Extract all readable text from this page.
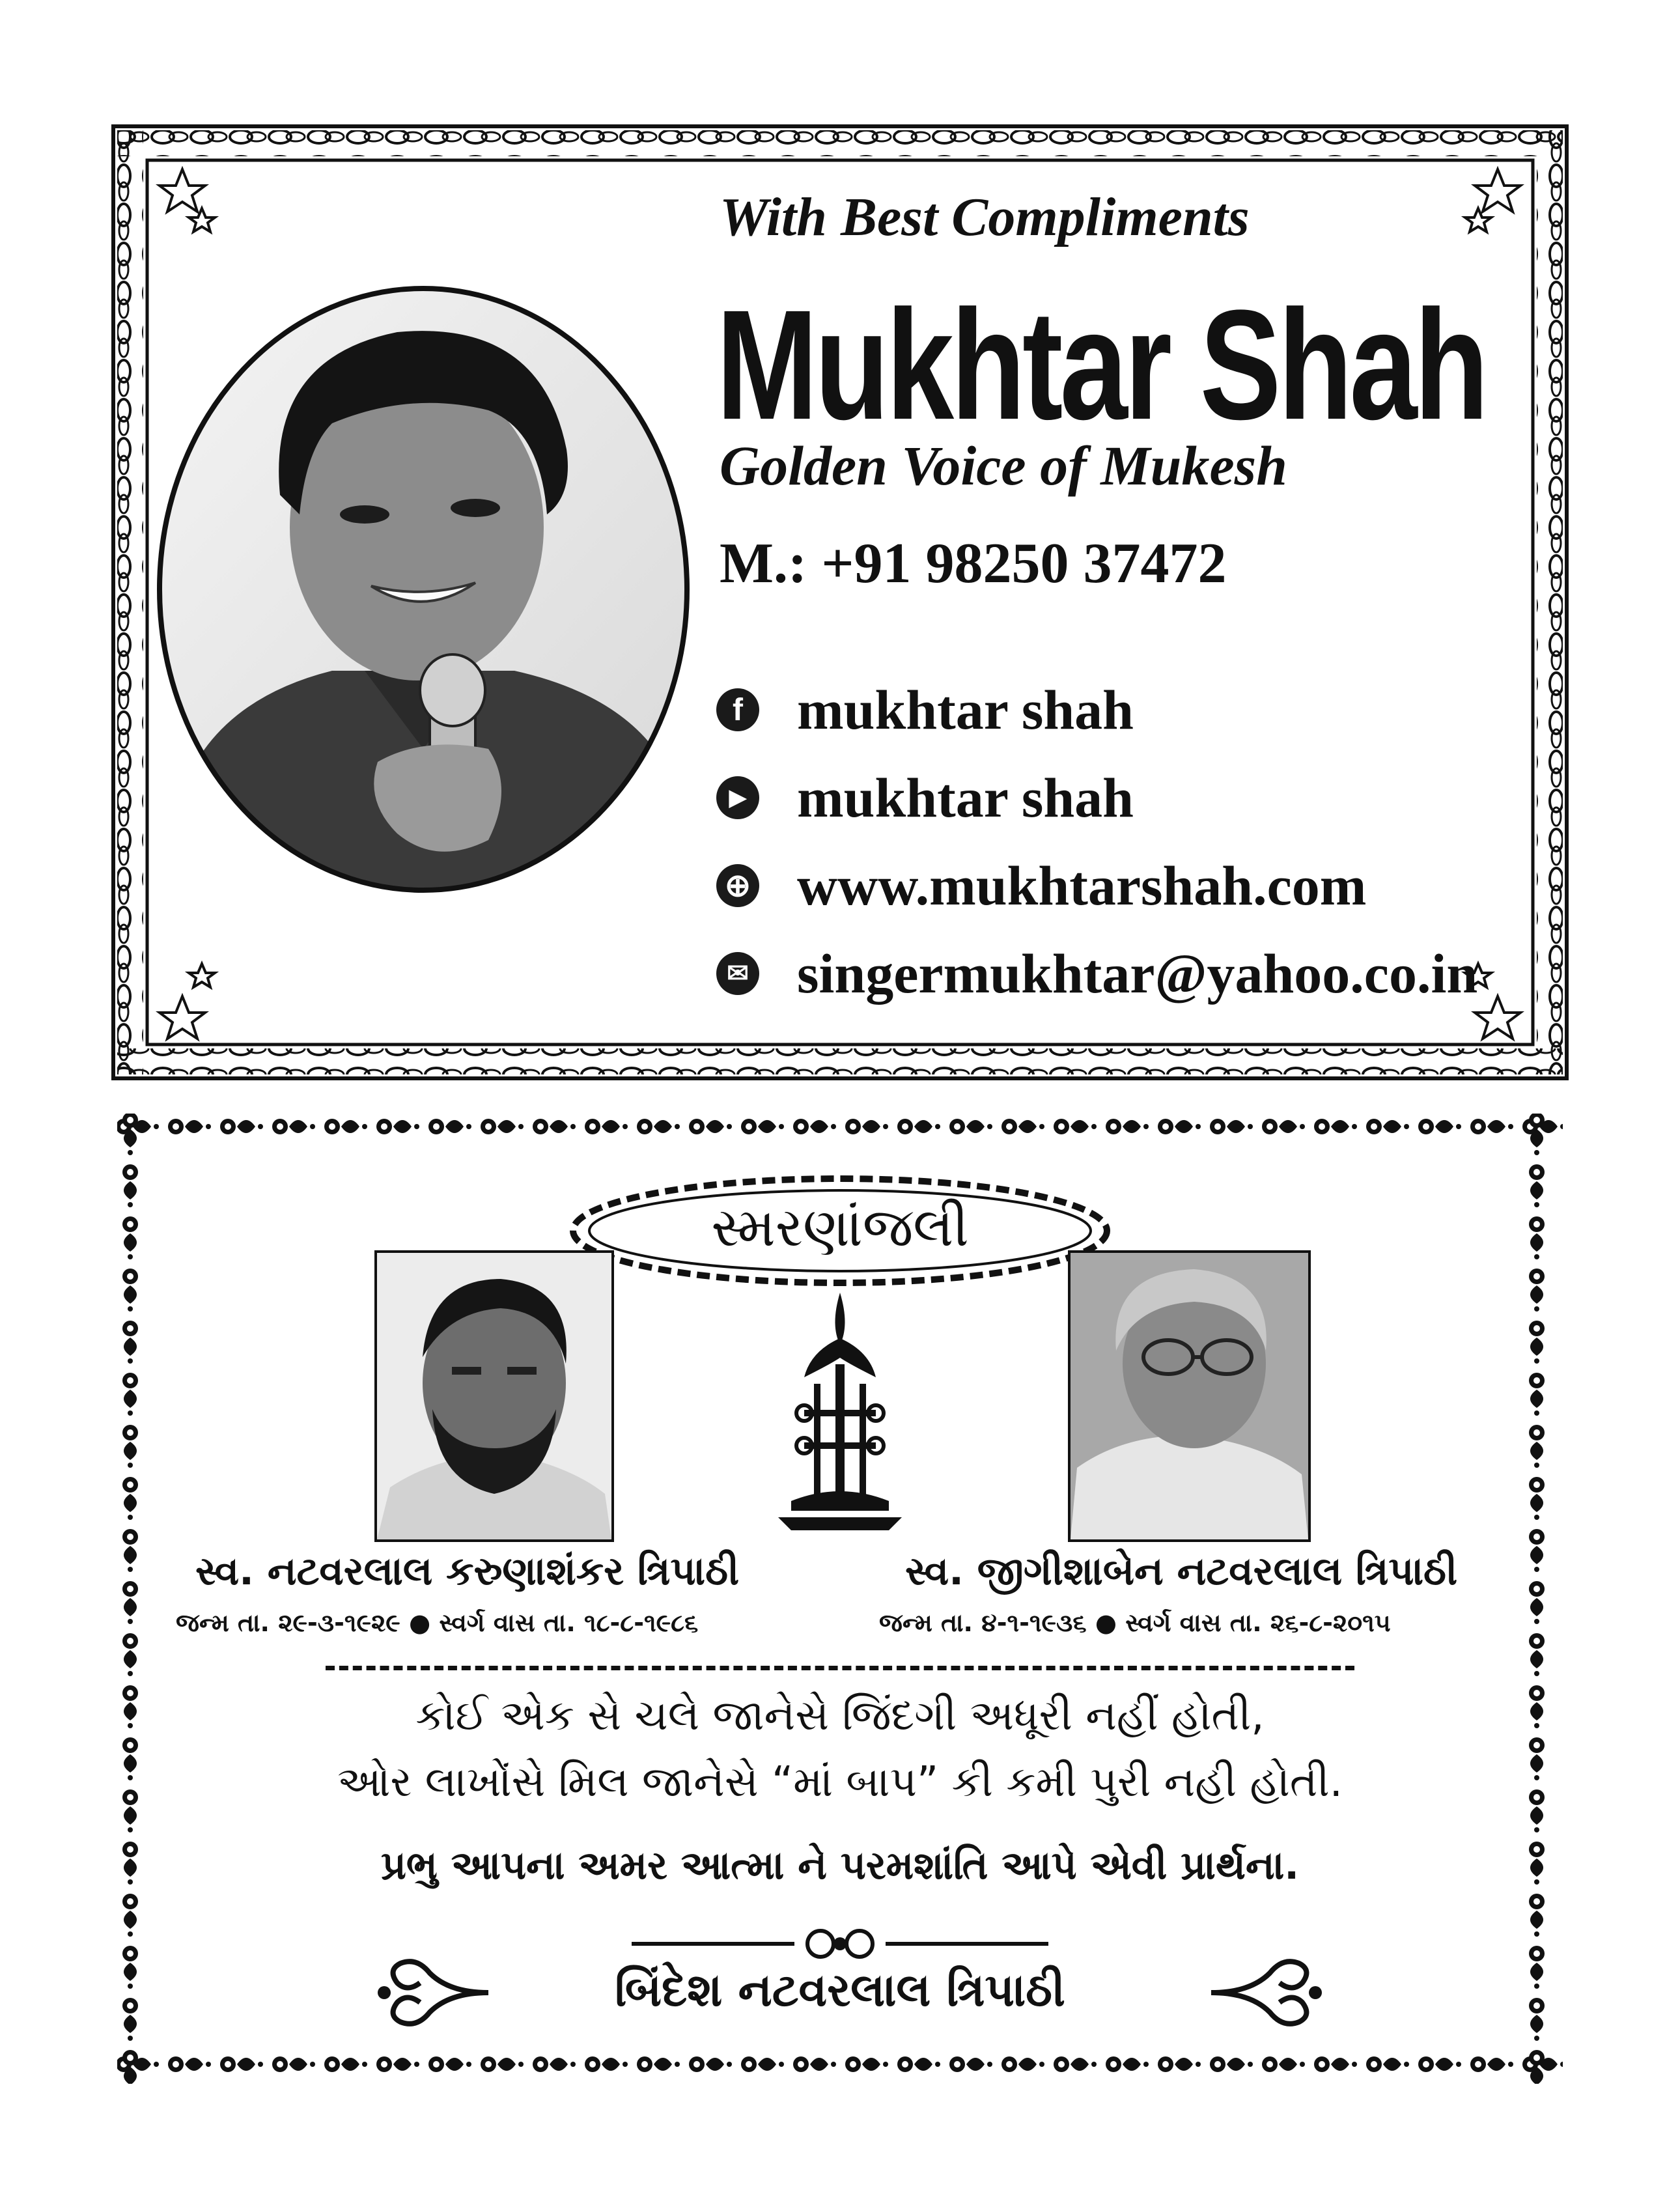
With Best Compliments
Mukhtar Shah
Golden Voice of Mukesh
M.: +91 98250 37472
f mukhtar shah
▶ mukhtar shah
⊕ www.mukhtarshah.com
✉ singermukhtar@yahoo.co.in
સ્મરણાંજલી
સ્વ. નટવરલાલ કરુણાશંકર ત્રિપાઠી
જન્મ તા. ૨૯-૩-૧૯૨૯ ● સ્વર્ગ વાસ તા. ૧૮-૮-૧૯૮૬
સ્વ. જીગીશાબેન નટવરલાલ ત્રિપાઠી
જન્મ તા. ૪-૧-૧૯૩૬ ● સ્વર્ગ વાસ તા. ૨૬-૮-૨૦૧૫
કોઈ એક સે ચલે જાનેસે જિંદગી અધૂરી નહીં હોતી,
ઓર લાખોંસે મિલ જાનેસે “માં બાપ” કી કમી પુરી નહી હોતી.
પ્રભુ આપના અમર આત્મા ને પરમશાંતિ આપે એવી પ્રાર્થના.
બિંદેશ નટવરલાલ ત્રિપાઠી
